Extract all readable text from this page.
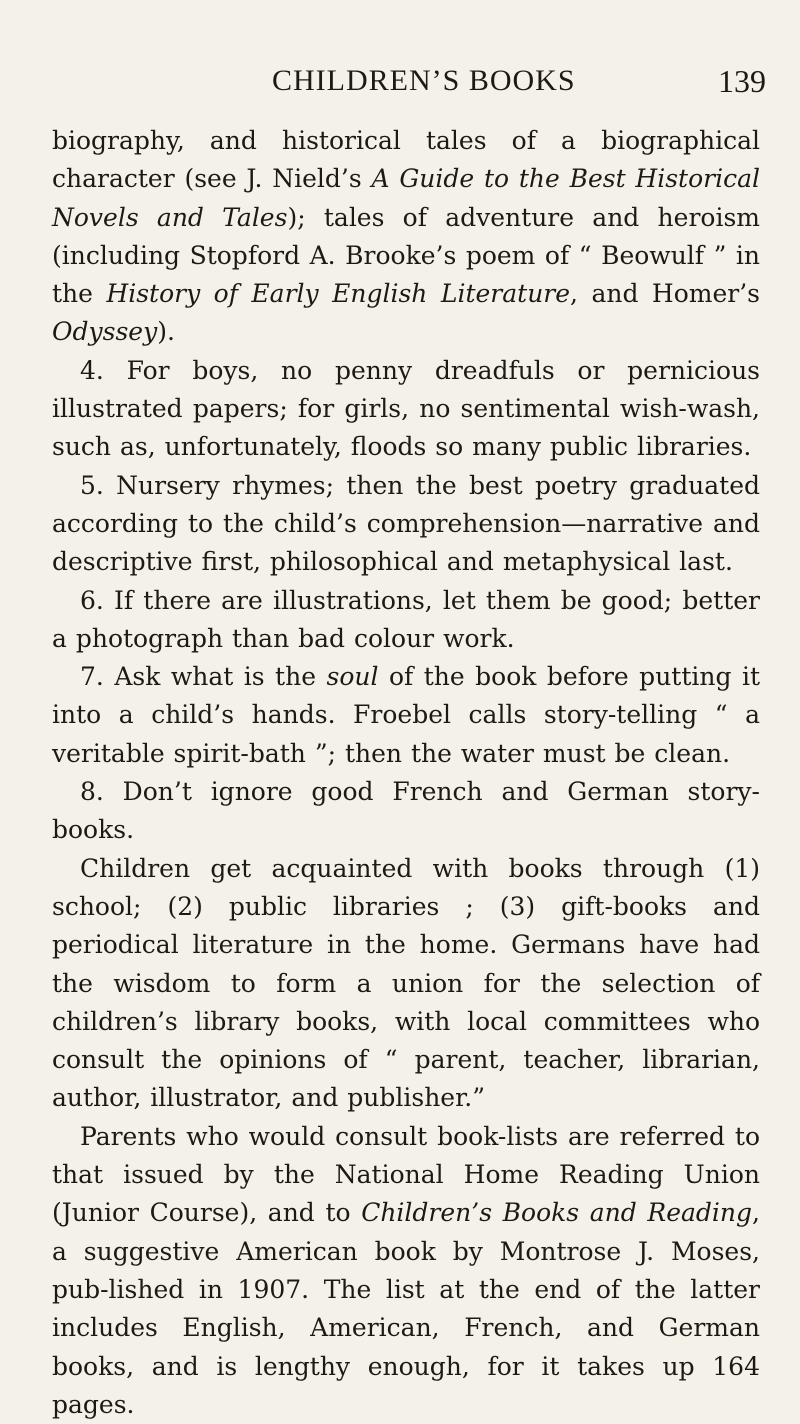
CHILDREN’S BOOKS	139

biography, and historical tales of a biographical character (see J. Nield’s A Guide to the Best Historical Novels and Tales); tales of adventure and heroism (including Stopford A. Brooke’s poem of “ Beowulf ” in the History of Early English Literature, and Homer’s Odyssey).

4. For boys, no penny dreadfuls or pernicious illustrated papers; for girls, no sentimental wish-wash, such as, unfortunately, floods so many public libraries.

5. Nursery rhymes; then the best poetry graduated according to the child’s comprehension—narrative and descriptive first, philosophical and metaphysical last.

6. If there are illustrations, let them be good; better a photograph than bad colour work.

7. Ask what is the soul of the book before putting it into a child’s hands. Froebel calls story-telling “ a veritable spirit-bath ”; then the water must be clean.

8. Don’t ignore good French and German story-books.

Children get acquainted with books through (1) school; (2) public libraries ; (3) gift-books and periodical literature in the home. Germans have had the wisdom to form a union for the selection of children’s library books, with local committees who consult the opinions of “ parent, teacher, librarian, author, illustrator, and publisher.”

Parents who would consult book-lists are referred to that issued by the National Home Reading Union (Junior Course), and to Children’s Books and Reading, a suggestive American book by Montrose J. Moses, pub-lished in 1907. The list at the end of the latter includes English, American, French, and German books, and is lengthy enough, for it takes up 164 pages.
